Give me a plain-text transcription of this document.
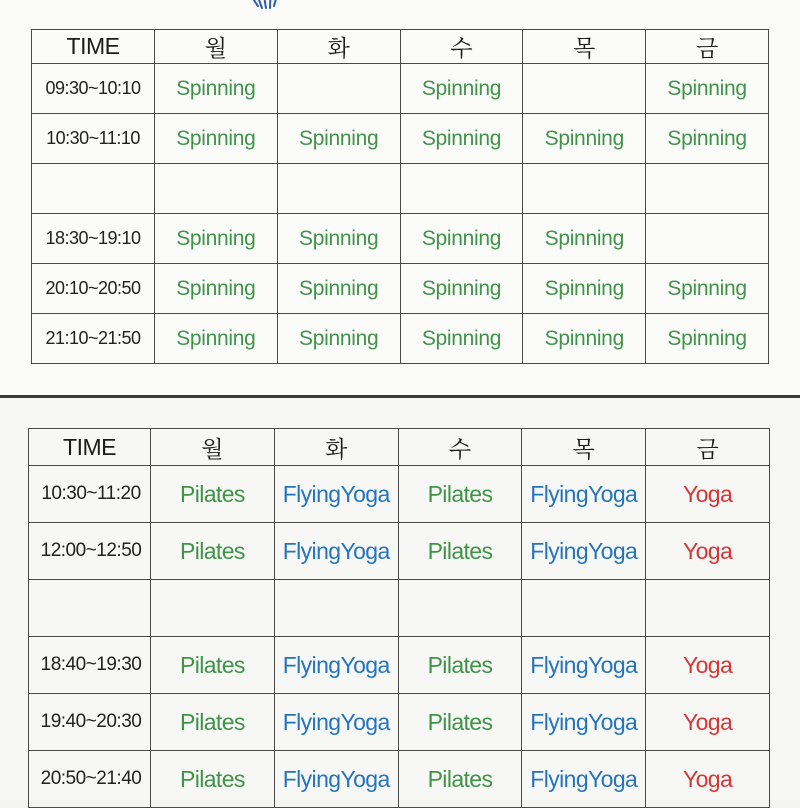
TIME	월	화	수	목	금
09:30~10:10	Spinning		Spinning		Spinning
10:30~11:10	Spinning	Spinning	Spinning	Spinning	Spinning

18:30~19:10	Spinning	Spinning	Spinning	Spinning	
20:10~20:50	Spinning	Spinning	Spinning	Spinning	Spinning
21:10~21:50	Spinning	Spinning	Spinning	Spinning	Spinning
TIME	월	화	수	목	금
10:30~11:20	Pilates	FlyingYoga	Pilates	FlyingYoga	Yoga
12:00~12:50	Pilates	FlyingYoga	Pilates	FlyingYoga	Yoga

18:40~19:30	Pilates	FlyingYoga	Pilates	FlyingYoga	Yoga
19:40~20:30	Pilates	FlyingYoga	Pilates	FlyingYoga	Yoga
20:50~21:40	Pilates	FlyingYoga	Pilates	FlyingYoga	Yoga
